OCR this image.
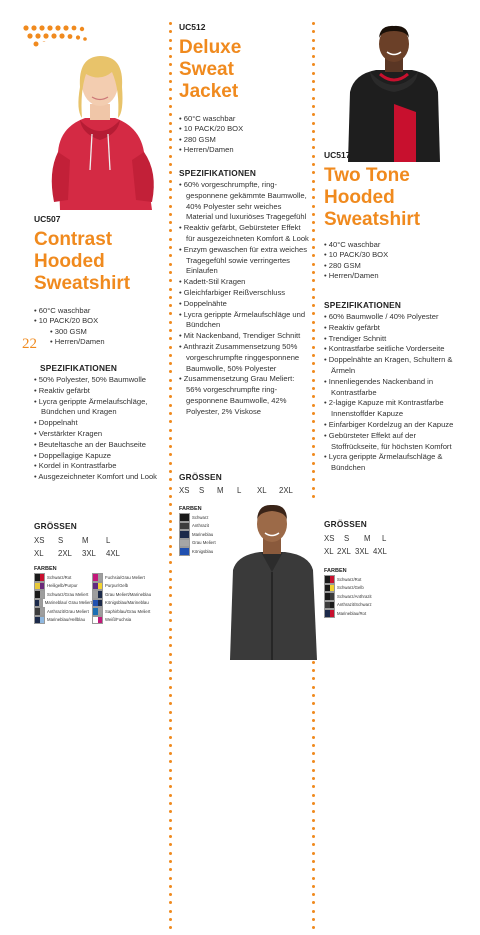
22
UC507
Contrast
Hooded
Sweatshirt
• 60°C waschbar
• 10 PACK/20 BOX
• 300 GSM
• Herren/Damen
SPEZIFIKATIONEN
• 50% Polyester, 50% Baumwolle
• Reaktiv gefärbt
• Lycra gerippte Ärmelaufschläge, Bündchen und Kragen
• Doppelnaht
• Verstärkter Kragen
• Beuteltasche an der Bauchseite
• Doppellagige Kapuze
• Kordel in Kontrastfarbe
• Ausgezeichneter Komfort und Look
GRÖSSEN
XS S M L
XL 2XL 3XL 4XL
FARBEN
Schwarz/Rot	Fuchsia/Grau Meliert
Heiligelb/Purpur	Purpur/Gelb
Schwarz/Grau Meliert	Grau Meliert/Marineblau
Marineblau/ Grau Meliert	Königsblau/Marineblau
Anthrazit/Grau Meliert	Saphirblau/Grau Meliert
Marineblau/Hellblau	Weiß/Fuchsia
UC512
Deluxe
Sweat
Jacket
• 60°C waschbar
• 10 PACK/20 BOX
• 280 GSM
• Herren/Damen
SPEZIFIKATIONEN
• 60% vorgeschrumpfte, ring-gesponnene gekämmte Baumwolle, 40% Polyester sehr weiches Material und luxuriöses Tragegefühl
• Reaktiv gefärbt, Gebürsteter Effekt für ausgezeichneten Komfort & Look
• Enzym gewaschen für extra weiches Tragegefühl sowie verringertes Einlaufen
• Kadett-Stil Kragen
• Gleichfarbiger Reißverschluss
• Doppelnähte
• Lycra gerippte Ärmelaufschläge und Bündchen
• Mit Nackenband, Trendiger Schnitt
• Anthrazit Zusammensetzung 50% vorgeschrumpfte ringgesponnene Baumwolle, 50% Polyester
• Zusammensetzung Grau Meliert: 56% vorgeschrumpfte ring-gesponnene Baumwolle, 42% Polyester, 2% Viskose
GRÖSSEN
XS S M L XL 2XL
FARBEN
Schwarz
Anthrazit
Marineblau
Grau Meliert
Königsblau
UC517
Two Tone
Hooded
Sweatshirt
• 40°C waschbar
• 10 PACK/30 BOX
• 280 GSM
• Herren/Damen
SPEZIFIKATIONEN
• 60% Baumwolle / 40% Polyester
• Reaktiv gefärbt
• Trendiger Schnitt
• Kontrastfarbe seitliche Vorderseite
• Doppelnähte an Kragen, Schultern & Ärmeln
• Innenliegendes Nackenband in Kontrastfarbe
• 2-lagige Kapuze mit Kontrastfarbe Innenstoffder Kapuze
• Einfarbiger Kordelzug an der Kapuze
• Gebürsteter Effekt auf der Stoffrückseite, für höchsten Komfort
• Lycra gerippte Ärmelaufschläge & Bündchen
GRÖSSEN
XS S M L
XL 2XL 3XL 4XL
FARBEN
Schwarz/Rot
Schwarz/Gelb
Schwarz/Anthrazit
Anthrazit/Schwarz
Marineblau/Rot
